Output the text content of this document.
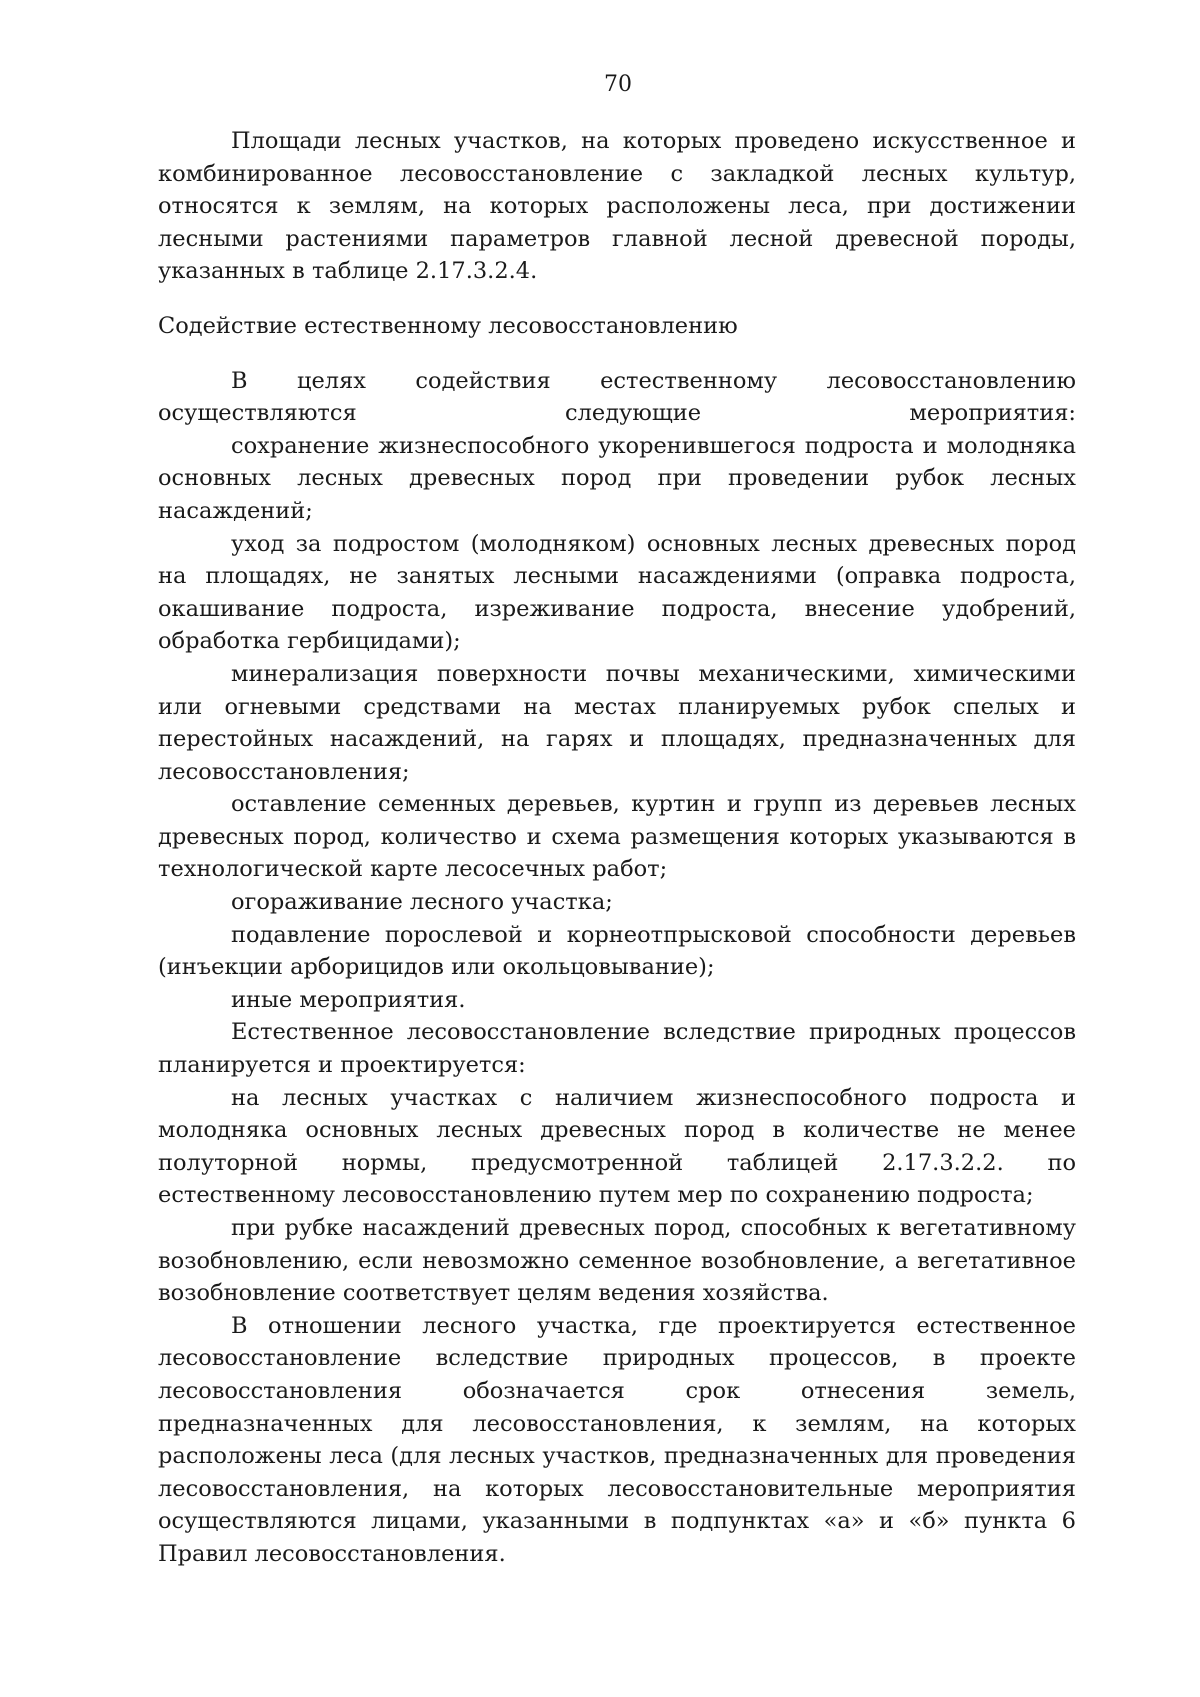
70

Площади лесных участков, на которых проведено искусственное и комбинированное лесовосстановление с закладкой лесных культур, относятся к землям, на которых расположены леса, при достижении лесными растениями параметров главной лесной древесной породы, указанных в таблице 2.17.3.2.4.

Содействие естественному лесовосстановлению

В целях содействия естественному лесовосстановлению осуществляются следующие мероприятия:

сохранение жизнеспособного укоренившегося подроста и молодняка основных лесных древесных пород при проведении рубок лесных насаждений;

уход за подростом (молодняком) основных лесных древесных пород на площадях, не занятых лесными насаждениями (оправка подроста, окашивание подроста, изреживание подроста, внесение удобрений, обработка гербицидами);

минерализация поверхности почвы механическими, химическими или огневыми средствами на местах планируемых рубок спелых и перестойных насаждений, на гарях и площадях, предназначенных для лесовосстановления;

оставление семенных деревьев, куртин и групп из деревьев лесных древесных пород, количество и схема размещения которых указываются в технологической карте лесосечных работ;

огораживание лесного участка;

подавление порослевой и корнеотпрысковой способности деревьев (инъекции арборицидов или окольцовывание);

иные мероприятия.

Естественное лесовосстановление вследствие природных процессов планируется и проектируется:

на лесных участках с наличием жизнеспособного подроста и молодняка основных лесных древесных пород в количестве не менее полуторной нормы, предусмотренной таблицей 2.17.3.2.2. по естественному лесовосстановлению путем мер по сохранению подроста;

при рубке насаждений древесных пород, способных к вегетативному возобновлению, если невозможно семенное возобновление, а вегетативное возобновление соответствует целям ведения хозяйства.

В отношении лесного участка, где проектируется естественное лесовосстановление вследствие природных процессов, в проекте лесовосстановления обозначается срок отнесения земель, предназначенных для лесовосстановления, к землям, на которых расположены леса (для лесных участков, предназначенных для проведения лесовосстановления, на которых лесовосстановительные мероприятия осуществляются лицами, указанными в подпунктах «а» и «б» пункта 6 Правил лесовосстановления.
